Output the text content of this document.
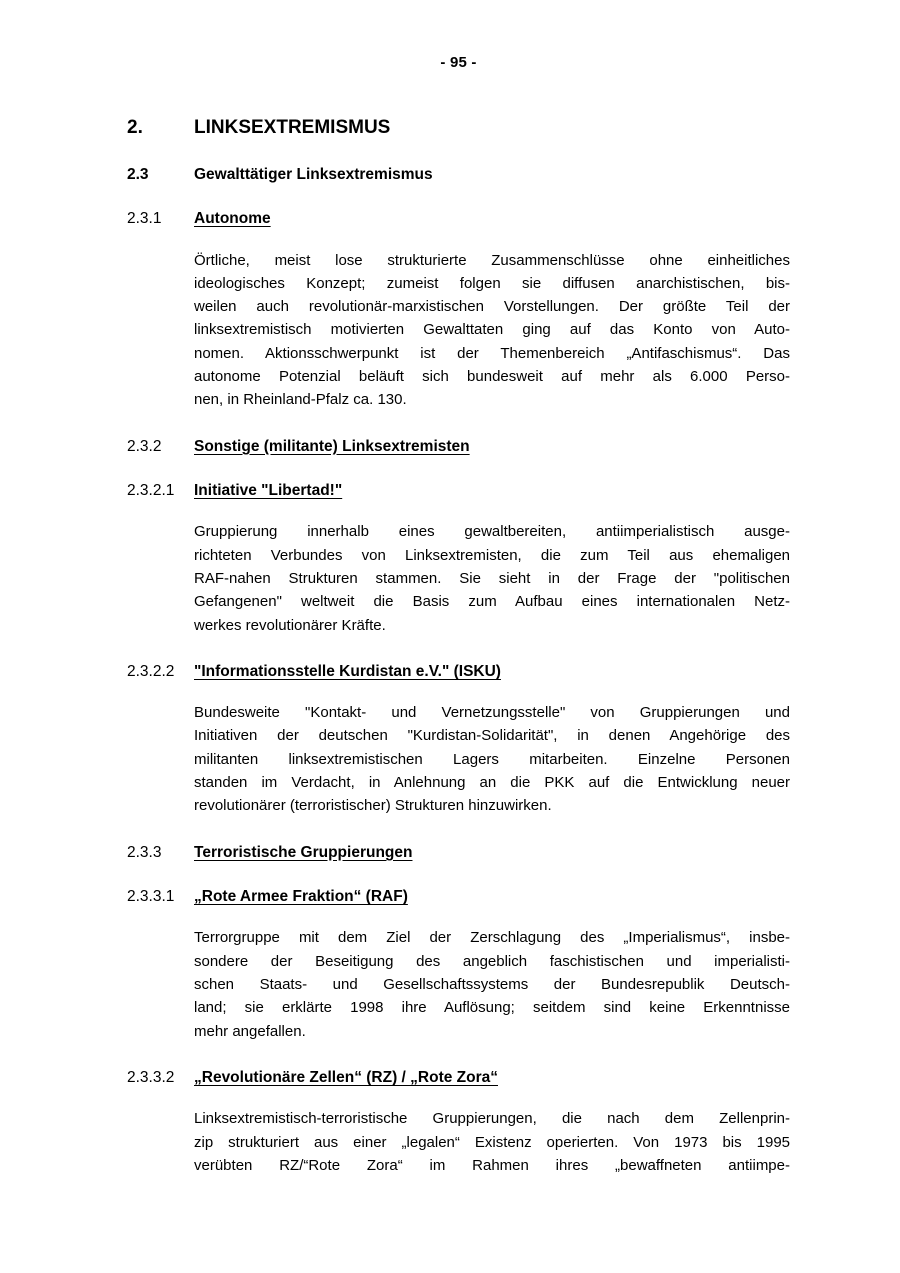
- 95 -
2.	LINKSEXTREMISMUS
2.3	Gewalttätiger Linksextremismus
2.3.1	Autonome
Örtliche, meist lose strukturierte Zusammenschlüsse ohne einheitliches
ideologisches Konzept; zumeist folgen sie diffusen anarchistischen, bis-
weilen auch revolutionär-marxistischen Vorstellungen. Der größte Teil der
linksextremistisch motivierten Gewalttaten ging auf das Konto von Auto-
nomen. Aktionsschwerpunkt ist der Themenbereich „Antifaschismus“. Das
autonome Potenzial beläuft sich bundesweit auf mehr als 6.000 Perso-
nen, in Rheinland-Pfalz ca. 130.
2.3.2	Sonstige (militante) Linksextremisten
2.3.2.1	Initiative "Libertad!"
Gruppierung innerhalb eines gewaltbereiten, antiimperialistisch ausge-
richteten Verbundes von Linksextremisten, die zum Teil aus ehemaligen
RAF-nahen Strukturen stammen. Sie sieht in der Frage der "politischen
Gefangenen" weltweit die Basis zum Aufbau eines internationalen Netz-
werkes revolutionärer Kräfte.
2.3.2.2	"Informationsstelle Kurdistan e.V." (ISKU)
Bundesweite "Kontakt- und Vernetzungsstelle" von Gruppierungen und
Initiativen der deutschen "Kurdistan-Solidarität", in denen Angehörige des
militanten linksextremistischen Lagers mitarbeiten. Einzelne Personen
standen im Verdacht, in Anlehnung an die PKK auf die Entwicklung neuer
revolutionärer (terroristischer) Strukturen hinzuwirken.
2.3.3	Terroristische Gruppierungen
2.3.3.1	„Rote Armee Fraktion“ (RAF)
Terrorgruppe mit dem Ziel der Zerschlagung des „Imperialismus“, insbe-
sondere der Beseitigung des angeblich faschistischen und imperialisti-
schen Staats- und Gesellschaftssystems der Bundesrepublik Deutsch-
land; sie erklärte 1998 ihre Auflösung; seitdem sind keine Erkenntnisse
mehr angefallen.
2.3.3.2	„Revolutionäre Zellen“ (RZ) / „Rote Zora“
Linksextremistisch-terroristische Gruppierungen, die nach dem Zellenprin-
zip strukturiert aus einer „legalen“ Existenz operierten. Von 1973 bis 1995
verübten RZ/“Rote Zora“ im Rahmen ihres „bewaffneten antiimpe-
